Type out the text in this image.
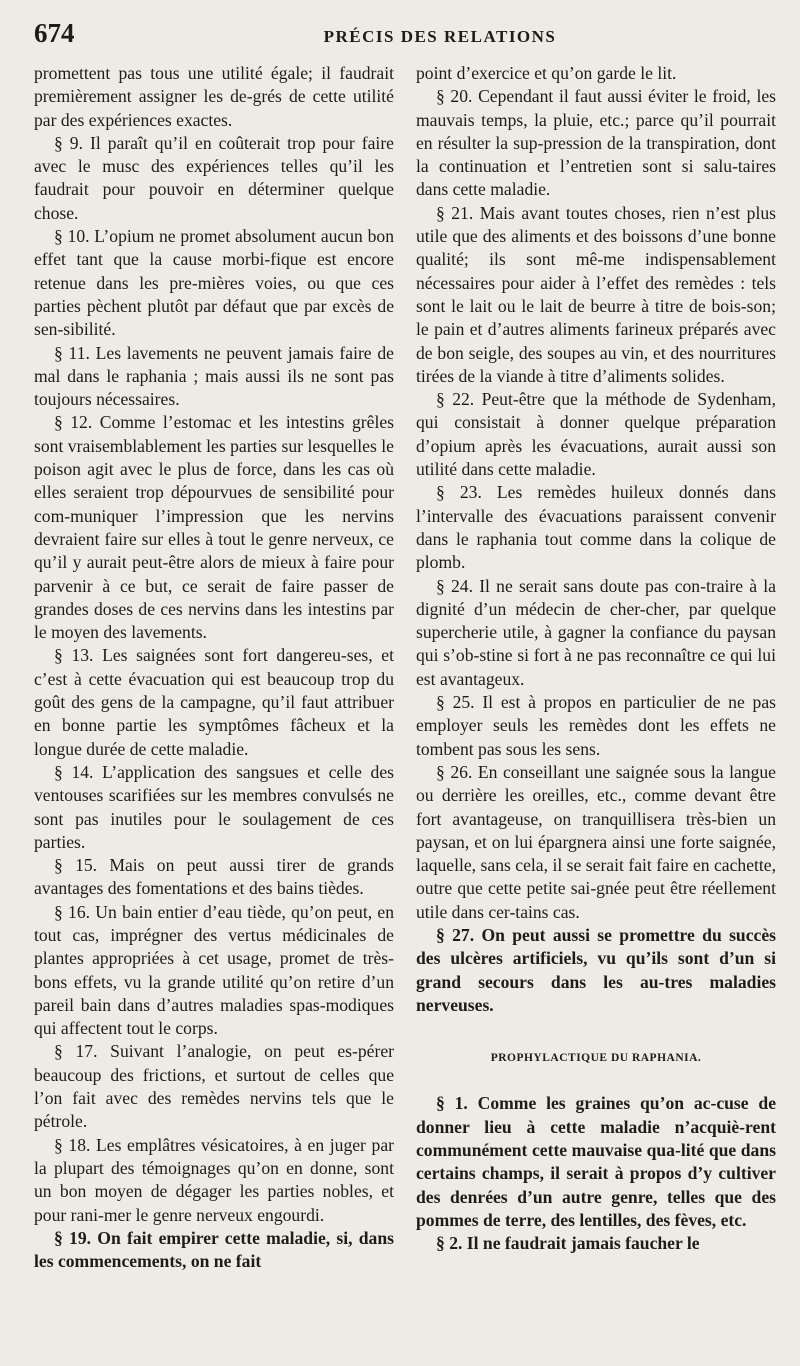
674	PRÉCIS DES RELATIONS

promettent pas tous une utilité égale; il faudrait premièrement assigner les de-grés de cette utilité par des expériences exactes.

§ 9. Il paraît qu’il en coûterait trop pour faire avec le musc des expériences telles qu’il les faudrait pour pouvoir en déterminer quelque chose.

§ 10. L’opium ne promet absolument aucun bon effet tant que la cause morbi-fique est encore retenue dans les pre-mières voies, ou que ces parties pèchent plutôt par défaut que par excès de sen-sibilité.

§ 11. Les lavements ne peuvent jamais faire de mal dans le raphania ; mais aussi ils ne sont pas toujours nécessaires.

§ 12. Comme l’estomac et les intestins grêles sont vraisemblablement les parties sur lesquelles le poison agit avec le plus de force, dans les cas où elles seraient trop dépourvues de sensibilité pour com-muniquer l’impression que les nervins devraient faire sur elles à tout le genre nerveux, ce qu’il y aurait peut-être alors de mieux à faire pour parvenir à ce but, ce serait de faire passer de grandes doses de ces nervins dans les intestins par le moyen des lavements.

§ 13. Les saignées sont fort dangereu-ses, et c’est à cette évacuation qui est beaucoup trop du goût des gens de la campagne, qu’il faut attribuer en bonne partie les symptômes fâcheux et la longue durée de cette maladie.

§ 14. L’application des sangsues et celle des ventouses scarifiées sur les membres convulsés ne sont pas inutiles pour le soulagement de ces parties.

§ 15. Mais on peut aussi tirer de grands avantages des fomentations et des bains tièdes.

§ 16. Un bain entier d’eau tiède, qu’on peut, en tout cas, imprégner des vertus médicinales de plantes appropriées à cet usage, promet de très-bons effets, vu la grande utilité qu’on retire d’un pareil bain dans d’autres maladies spas-modiques qui affectent tout le corps.

§ 17. Suivant l’analogie, on peut es-pérer beaucoup des frictions, et surtout de celles que l’on fait avec des remèdes nervins tels que le pétrole.

§ 18. Les emplâtres vésicatoires, à en juger par la plupart des témoignages qu’on en donne, sont un bon moyen de dégager les parties nobles, et pour rani-mer le genre nerveux engourdi.

§ 19. On fait empirer cette maladie, si, dans les commencements, on ne fait

point d’exercice et qu’on garde le lit.

§ 20. Cependant il faut aussi éviter le froid, les mauvais temps, la pluie, etc.; parce qu’il pourrait en résulter la sup-pression de la transpiration, dont la continuation et l’entretien sont si salu-taires dans cette maladie.

§ 21. Mais avant toutes choses, rien n’est plus utile que des aliments et des boissons d’une bonne qualité; ils sont mê-me indispensablement nécessaires pour aider à l’effet des remèdes : tels sont le lait ou le lait de beurre à titre de bois-son; le pain et d’autres aliments farineux préparés avec de bon seigle, des soupes au vin, et des nourritures tirées de la viande à titre d’aliments solides.

§ 22. Peut-être que la méthode de Sydenham, qui consistait à donner quelque préparation d’opium après les évacuations, aurait aussi son utilité dans cette maladie.

§ 23. Les remèdes huileux donnés dans l’intervalle des évacuations paraissent convenir dans le raphania tout comme dans la colique de plomb.

§ 24. Il ne serait sans doute pas con-traire à la dignité d’un médecin de cher-cher, par quelque supercherie utile, à gagner la confiance du paysan qui s’ob-stine si fort à ne pas reconnaître ce qui lui est avantageux.

§ 25. Il est à propos en particulier de ne pas employer seuls les remèdes dont les effets ne tombent pas sous les sens.

§ 26. En conseillant une saignée sous la langue ou derrière les oreilles, etc., comme devant être fort avantageuse, on tranquillisera très-bien un paysan, et on lui épargnera ainsi une forte saignée, laquelle, sans cela, il se serait fait faire en cachette, outre que cette petite sai-gnée peut être réellement utile dans cer-tains cas.

§ 27. On peut aussi se promettre du succès des ulcères artificiels, vu qu’ils sont d’un si grand secours dans les au-tres maladies nerveuses.

PROPHYLACTIQUE DU RAPHANIA.

§ 1. Comme les graines qu’on ac-cuse de donner lieu à cette maladie n’acquiè-rent communément cette mauvaise qua-lité que dans certains champs, il serait à propos d’y cultiver des denrées d’un autre genre, telles que des pommes de terre, des lentilles, des fèves, etc.

§ 2. Il ne faudrait jamais faucher le
